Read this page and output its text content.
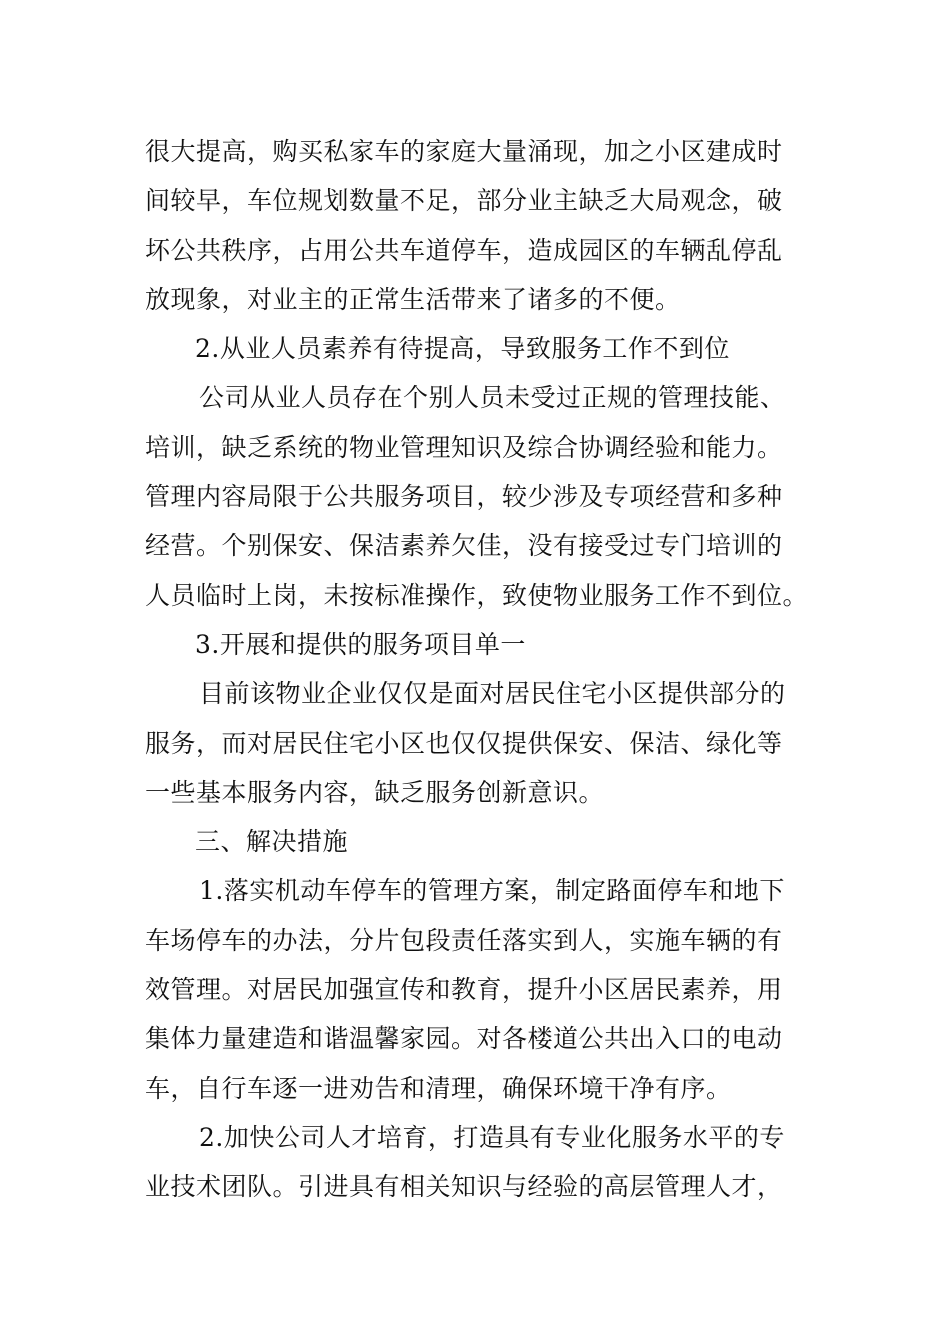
很大提高，购买私家车的家庭大量涌现，加之小区建成时
间较早，车位规划数量不足，部分业主缺乏大局观念，破
坏公共秩序，占用公共车道停车，造成园区的车辆乱停乱
放现象，对业主的正常生活带来了诸多的不便。
2.从业人员素养有待提高，导致服务工作不到位
公司从业人员存在个别人员未受过正规的管理技能、
培训，缺乏系统的物业管理知识及综合协调经验和能力。
管理内容局限于公共服务项目，较少涉及专项经营和多种
经营。个别保安、保洁素养欠佳，没有接受过专门培训的
人员临时上岗，未按标准操作，致使物业服务工作不到位。
3.开展和提供的服务项目单一
目前该物业企业仅仅是面对居民住宅小区提供部分的
服务，而对居民住宅小区也仅仅提供保安、保洁、绿化等
一些基本服务内容，缺乏服务创新意识。
三、解决措施
1.落实机动车停车的管理方案，制定路面停车和地下
车场停车的办法，分片包段责任落实到人，实施车辆的有
效管理。对居民加强宣传和教育，提升小区居民素养，用
集体力量建造和谐温馨家园。对各楼道公共出入口的电动
车，自行车逐一进劝告和清理，确保环境干净有序。
2.加快公司人才培育，打造具有专业化服务水平的专
业技术团队。引进具有相关知识与经验的高层管理人才，
